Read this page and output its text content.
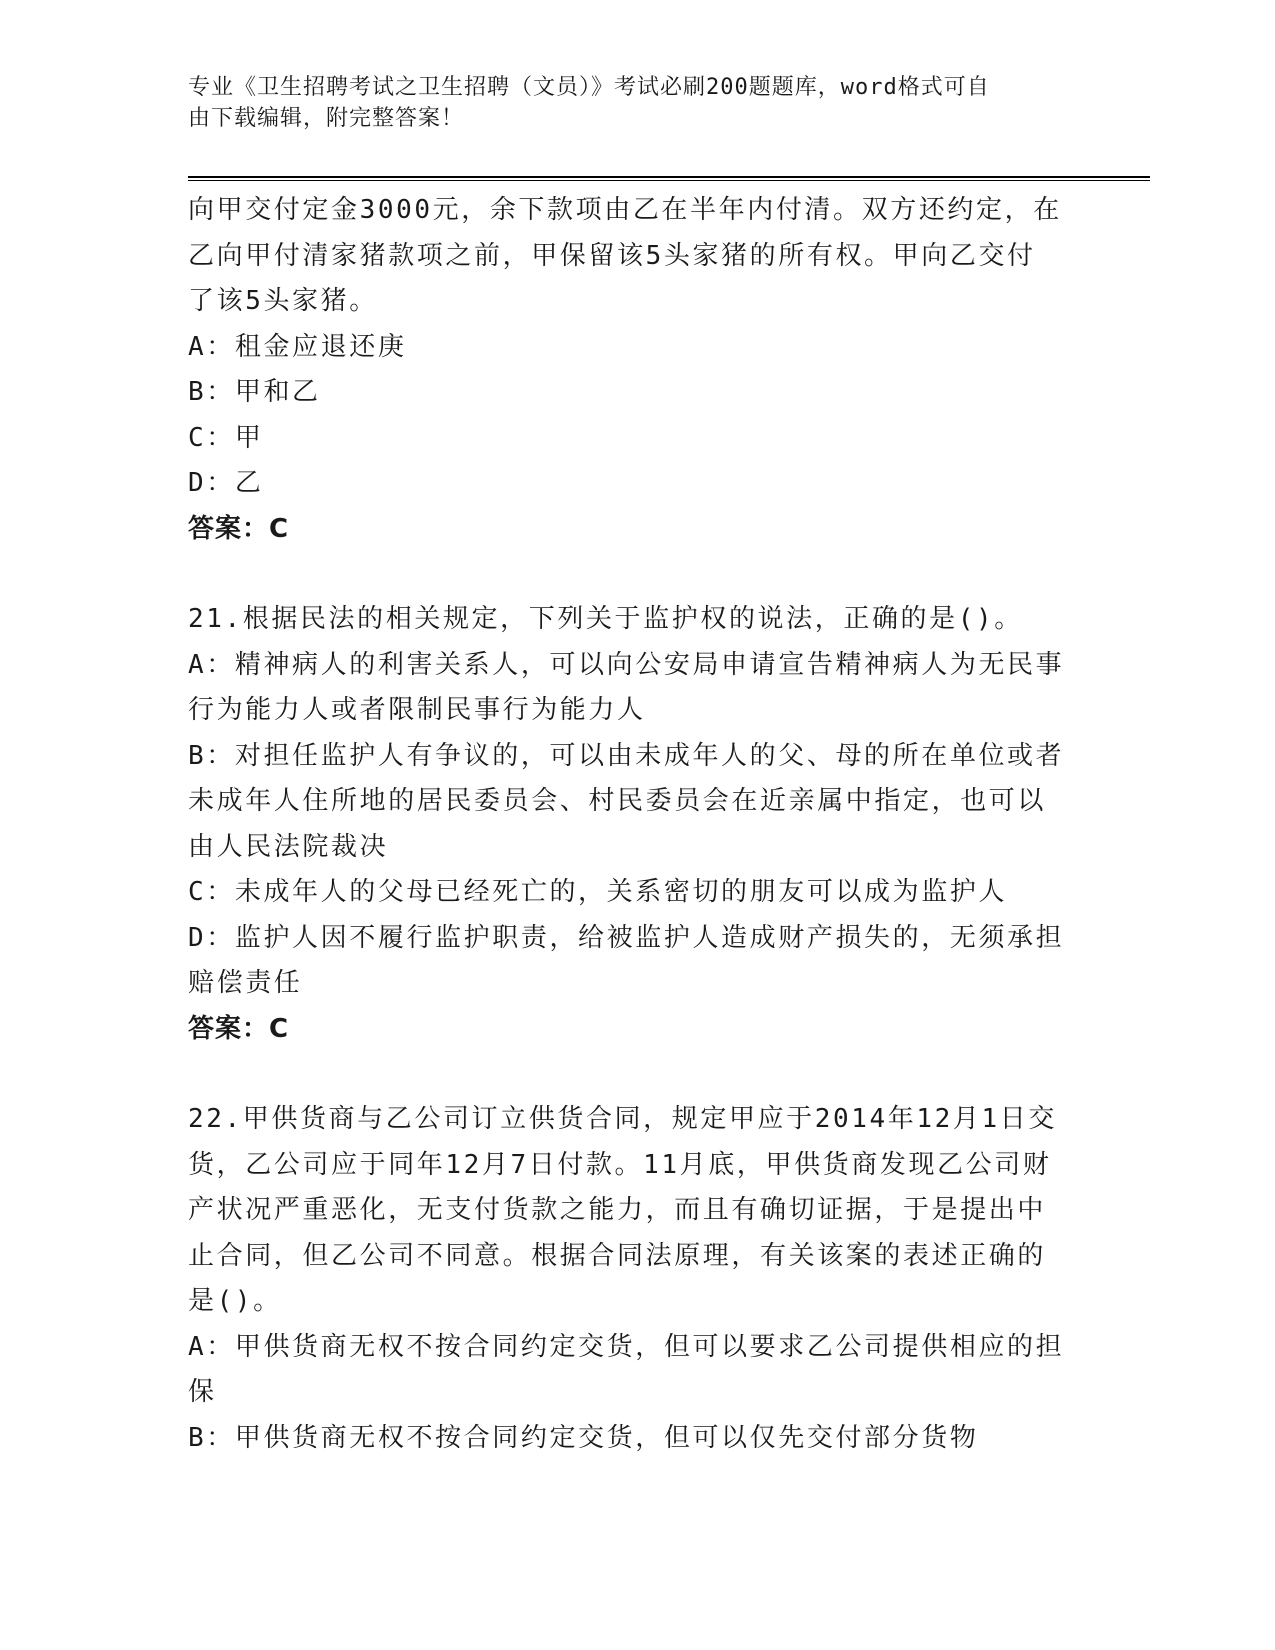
专业《卫生招聘考试之卫生招聘（文员）》考试必刷200题题库，word格式可自
由下载编辑，附完整答案！
向甲交付定金3000元，余下款项由乙在半年内付清。双方还约定，在
乙向甲付清家猪款项之前，甲保留该5头家猪的所有权。甲向乙交付
了该5头家猪。
A：租金应退还庚
B：甲和乙
C：甲
D：乙
答案：C
21.根据民法的相关规定，下列关于监护权的说法，正确的是()。
A：精神病人的利害关系人，可以向公安局申请宣告精神病人为无民事
行为能力人或者限制民事行为能力人
B：对担任监护人有争议的，可以由未成年人的父、母的所在单位或者
未成年人住所地的居民委员会、村民委员会在近亲属中指定，也可以
由人民法院裁决
C：未成年人的父母已经死亡的，关系密切的朋友可以成为监护人
D：监护人因不履行监护职责，给被监护人造成财产损失的，无须承担
赔偿责任
答案：C
22.甲供货商与乙公司订立供货合同，规定甲应于2014年12月1日交
货，乙公司应于同年12月7日付款。11月底，甲供货商发现乙公司财
产状况严重恶化，无支付货款之能力，而且有确切证据，于是提出中
止合同，但乙公司不同意。根据合同法原理，有关该案的表述正确的
是()。
A：甲供货商无权不按合同约定交货，但可以要求乙公司提供相应的担
保
B：甲供货商无权不按合同约定交货，但可以仅先交付部分货物
